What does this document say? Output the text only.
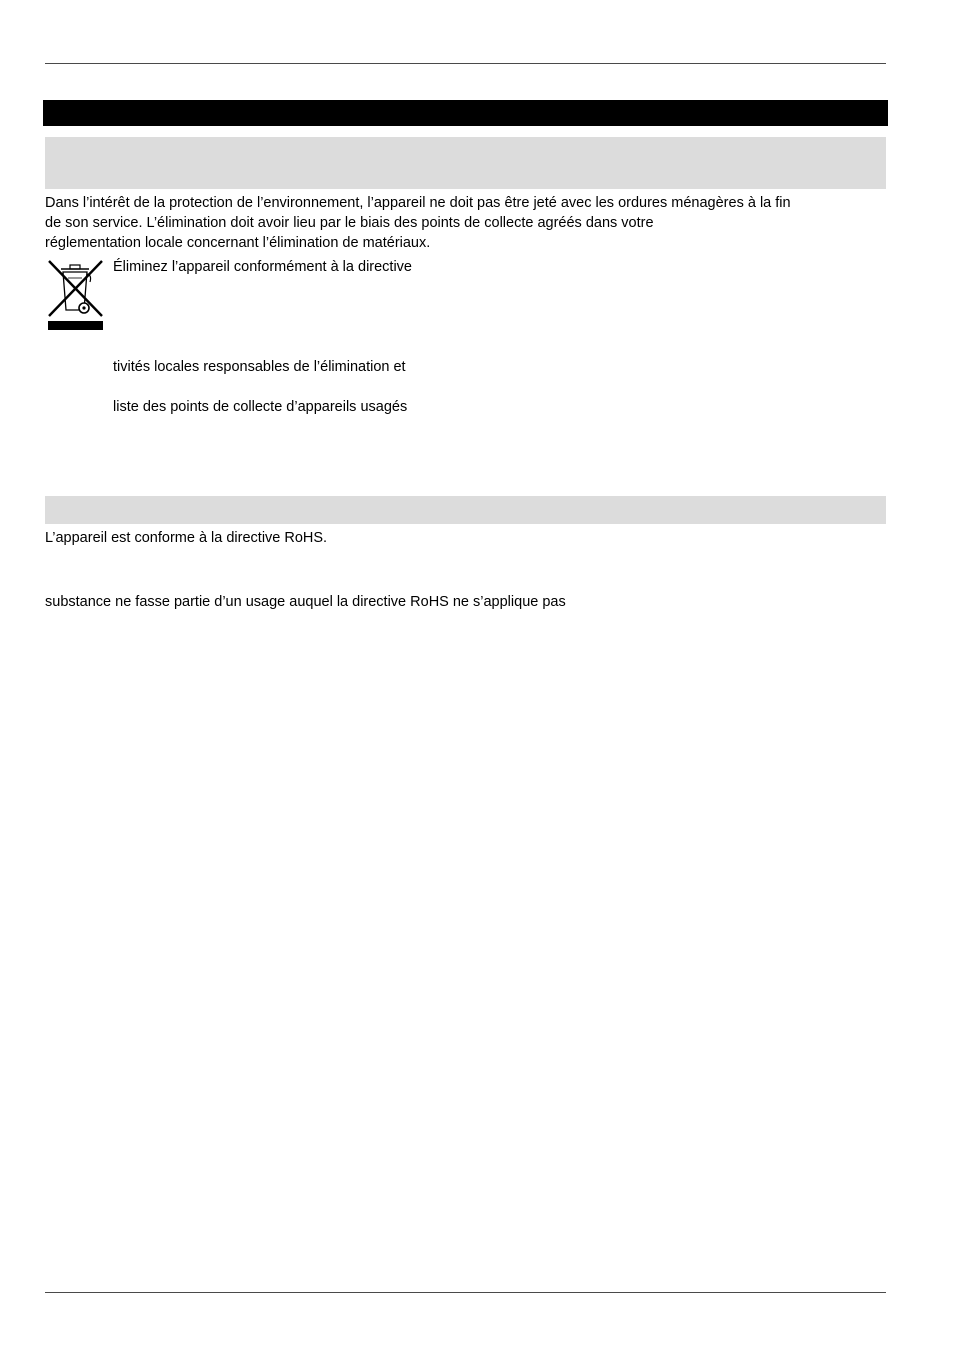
Dans l’intérêt de la protection de l’environnement, l’appareil ne doit pas être jeté avec les ordures ménagères à la fin
de son service. L’élimination doit avoir lieu par le biais des points de collecte agréés dans votre
réglementation locale concernant l’élimination de matériaux.
Éliminez l’appareil conformément à la directive
tivités locales responsables de l’élimination et
liste des points de collecte d’appareils usagés
L’appareil est conforme à la directive RoHS.
substance ne fasse partie d’un usage auquel la directive RoHS ne s’applique pas
